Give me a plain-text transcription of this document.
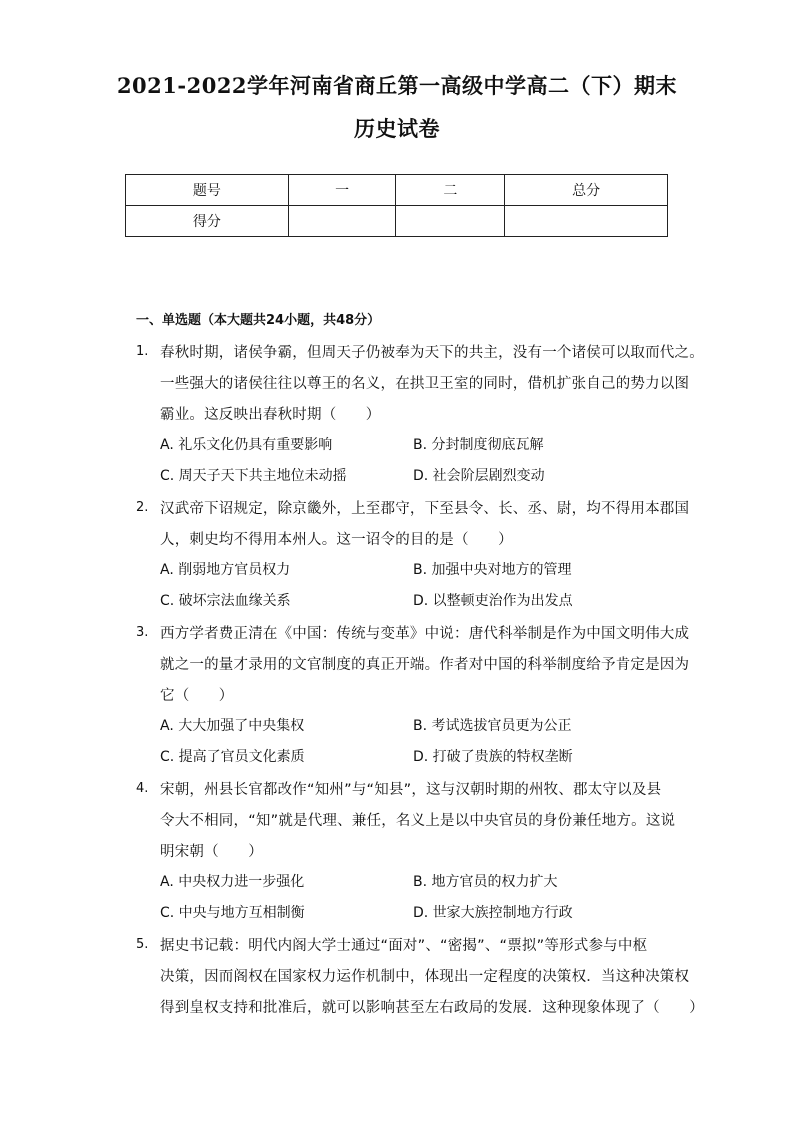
2021-2022学年河南省商丘第一高级中学高二（下）期末
历史试卷
题号	一	二	总分
得分			
一、单选题（本大题共24小题，共48分）
1. 春秋时期，诸侯争霸，但周天子仍被奉为天下的共主，没有一个诸侯可以取而代之。
一些强大的诸侯往往以尊王的名义，在拱卫王室的同时，借机扩张自己的势力以图
霸业。这反映出春秋时期（　　）
A. 礼乐文化仍具有重要影响	B. 分封制度彻底瓦解
C. 周天子天下共主地位未动摇	D. 社会阶层剧烈变动
2. 汉武帝下诏规定，除京畿外，上至郡守，下至县令、长、丞、尉，均不得用本郡国
人，刺史均不得用本州人。这一诏令的目的是（　　）
A. 削弱地方官员权力	B. 加强中央对地方的管理
C. 破坏宗法血缘关系	D. 以整顿吏治作为出发点
3. 西方学者费正清在《中国：传统与变革》中说：唐代科举制是作为中国文明伟大成
就之一的量才录用的文官制度的真正开端。作者对中国的科举制度给予肯定是因为
它（　　）
A. 大大加强了中央集权	B. 考试选拔官员更为公正
C. 提高了官员文化素质	D. 打破了贵族的特权垄断
4. 宋朝，州县长官都改作“知州”与“知县”，这与汉朝时期的州牧、郡太守以及县
令大不相同，“知”就是代理、兼任，名义上是以中央官员的身份兼任地方。这说
明宋朝（　　）
A. 中央权力进一步强化	B. 地方官员的权力扩大
C. 中央与地方互相制衡	D. 世家大族控制地方行政
5. 据史书记载：明代内阁大学士通过“面对”、“密揭”、“票拟”等形式参与中枢
决策，因而阁权在国家权力运作机制中，体现出一定程度的决策权．当这种决策权
得到皇权支持和批准后，就可以影响甚至左右政局的发展．这种现象体现了（　　）
